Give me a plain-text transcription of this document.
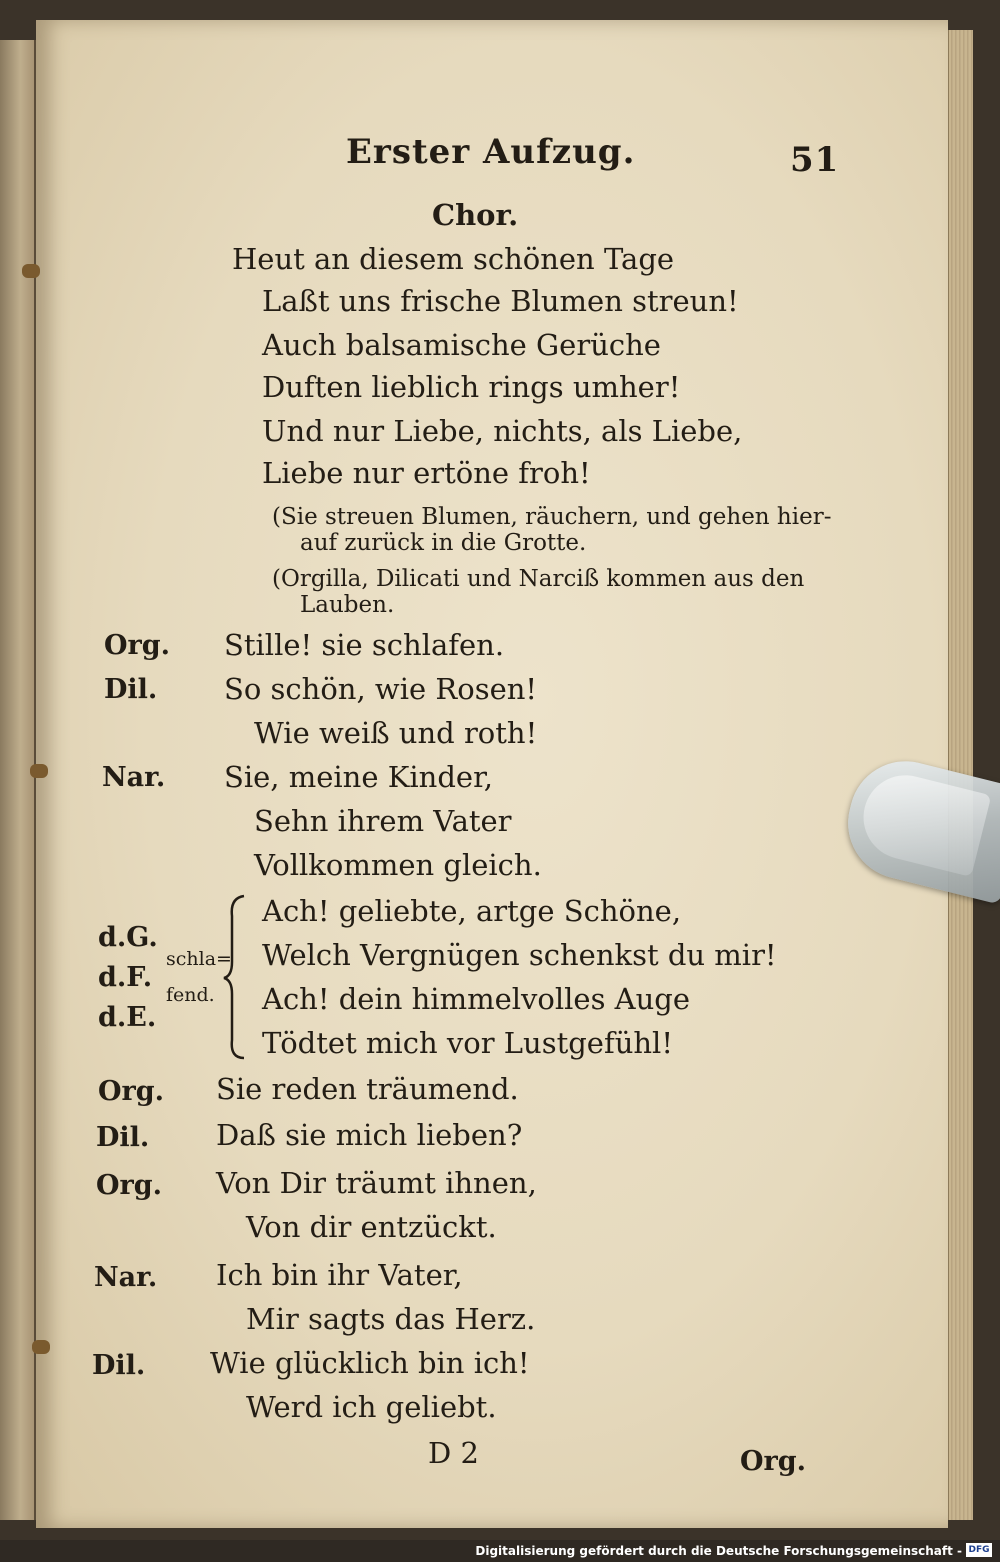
Erster Aufzug.	51
Chor.
Heut an diesem schönen Tage
Laßt uns frische Blumen streun!
Auch balsamische Gerüche
Duften lieblich rings umher!
Und nur Liebe, nichts, als Liebe,
Liebe nur ertöne froh!
(Sie streuen Blumen, räuchern, und gehen hier-
auf zurück in die Grotte.
(Orgilla, Dilicati und Narciß kommen aus den
Lauben.
Org. Stille! sie schlafen.
Dil. So schön, wie Rosen!
Wie weiß und roth!
Nar. Sie, meine Kinder,
Sehn ihrem Vater
Vollkommen gleich.
d.G.
d.F.
d.E.
schla=
fend.
Ach! geliebte, artge Schöne,
Welch Vergnügen schenkst du mir!
Ach! dein himmelvolles Auge
Tödtet mich vor Lustgefühl!
Org. Sie reden träumend.
Dil. Daß sie mich lieben?
Org. Von Dir träumt ihnen,
Von dir entzückt.
Nar. Ich bin ihr Vater,
Mir sagts das Herz.
Dil. Wie glücklich bin ich!
Werd ich geliebt.
D 2	Org.
Digitalisierung gefördert durch die Deutsche Forschungsgemeinschaft - DFG
